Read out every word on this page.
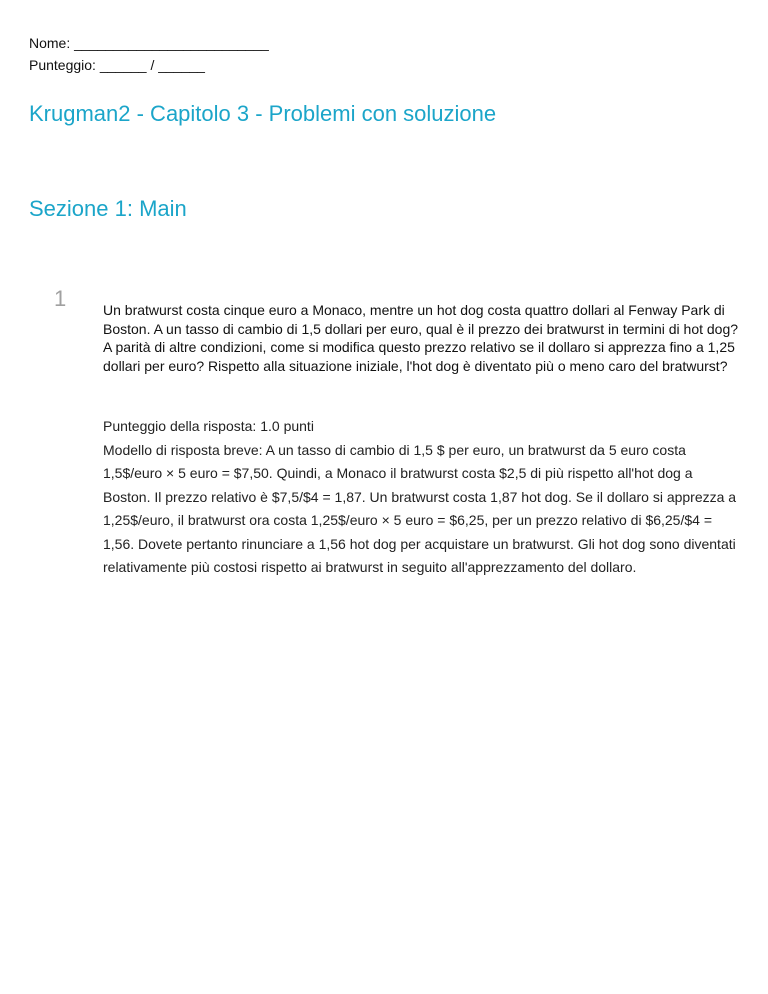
Nome: _________________________
Punteggio: ______ / ______
Krugman2 - Capitolo 3 - Problemi con soluzione
Sezione 1: Main
1	Un bratwurst costa cinque euro a Monaco, mentre un hot dog costa quattro dollari al Fenway Park di Boston. A un tasso di cambio di 1,5 dollari per euro, qual è il prezzo dei bratwurst in termini di hot dog? A parità di altre condizioni, come si modifica questo prezzo relativo se il dollaro si apprezza fino a 1,25 dollari per euro? Rispetto alla situazione iniziale, l'hot dog è diventato più o meno caro del bratwurst?

Punteggio della risposta: 1.0 punti

Modello di risposta breve: A un tasso di cambio di 1,5 $ per euro, un bratwurst da 5 euro costa 1,5$/euro × 5 euro = $7,50. Quindi, a Monaco il bratwurst costa $2,5 di più rispetto all'hot dog a Boston. Il prezzo relativo è $7,5/$4 = 1,87. Un bratwurst costa 1,87 hot dog. Se il dollaro si apprezza a 1,25$/euro, il bratwurst ora costa 1,25$/euro × 5 euro = $6,25, per un prezzo relativo di $6,25/$4 = 1,56. Dovete pertanto rinunciare a 1,56 hot dog per acquistare un bratwurst. Gli hot dog sono diventati relativamente più costosi rispetto ai bratwurst in seguito all'apprezzamento del dollaro.
